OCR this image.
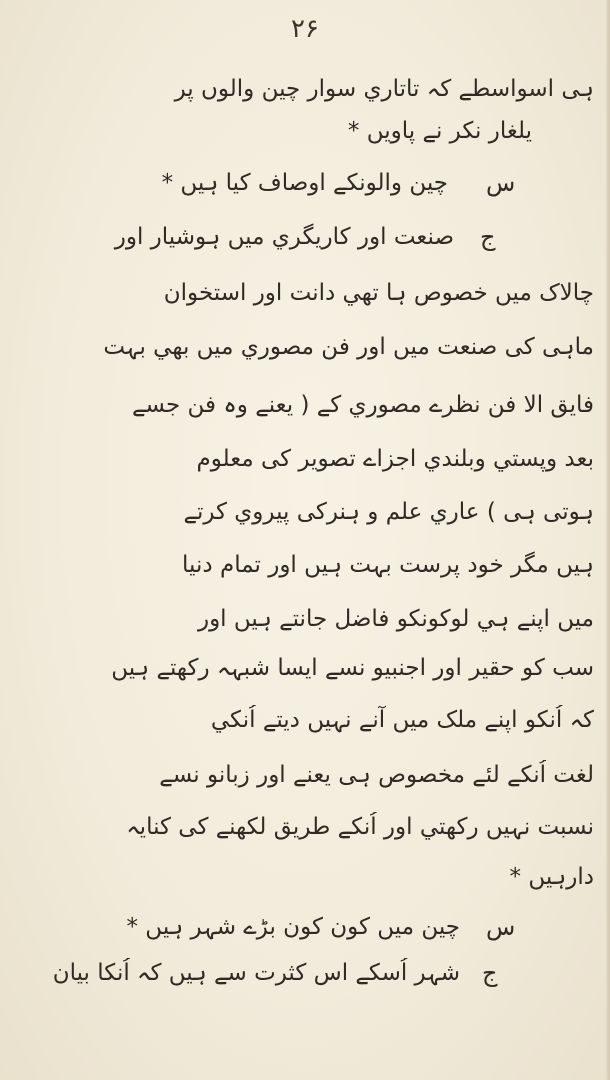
۲۶
ہی اسواسطے کہ تاتاري سوار چین والوں پر
یلغار نکر نے پاویں *
س
چین والونکے اوصاف کیا ہیں *
ج
صنعت اور کاریگري میں ہوشیار اور
چالاک میں خصوص ہا تھي دانت اور استخوان
ماہی کی صنعت میں اور فن مصوري میں بھي بہت
فایق الا فن نظرے مصوري کے ( یعنے وہ فن جسے
بعد وپستي وبلندي اجزاے تصویر کی معلوم
ہوتی ہی ) عاري علم و ہنرکی پیروي کرتے
ہیں مگر خود پرست بہت ہیں اور تمام دنیا
میں اپنے ہي لوکونکو فاضل جانتے ہیں اور
سب کو حقیر اور اجنبیو نسے ایسا شبہہ رکھتے ہیں
کہ اُنکو اپنے ملک میں آنے نہیں دیتے اُنکي
لغت اُنکے لئے مخصوص ہی یعنے اور زبانو نسے
نسبت نہیں رکھتي اور اُنکے طریق لکھنے کی کنایہ
دارہیں *
س
چین میں کون کون بڑے شہر ہیں *
ج
شہر اُسکے اس کثرت سے ہیں کہ اُنکا بیان
